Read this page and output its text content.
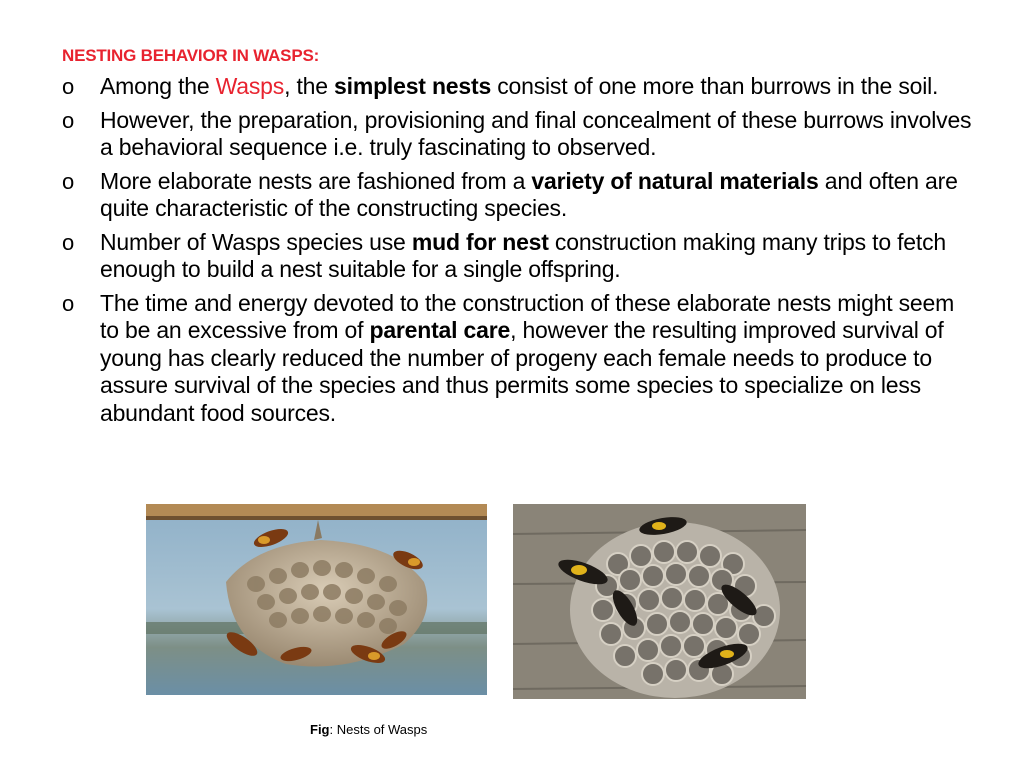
NESTING BEHAVIOR IN WASPS:
o Among the Wasps, the simplest nests consist of one more than burrows in the soil.
o However, the preparation, provisioning and final concealment of these burrows involves a behavioral sequence i.e. truly fascinating to observed.
o More elaborate nests are fashioned from a variety of natural materials and often are quite characteristic of the constructing species.
o Number of Wasps species use mud for nest construction making many trips to fetch enough to build a nest suitable for a single offspring.
o The time and energy devoted to the construction of these elaborate nests might seem to be an excessive from of parental care, however the resulting improved survival of young has clearly reduced the number of progeny each female needs to produce to assure survival of the species and thus permits some species to specialize on less abundant food sources.
Fig: Nests of Wasps
